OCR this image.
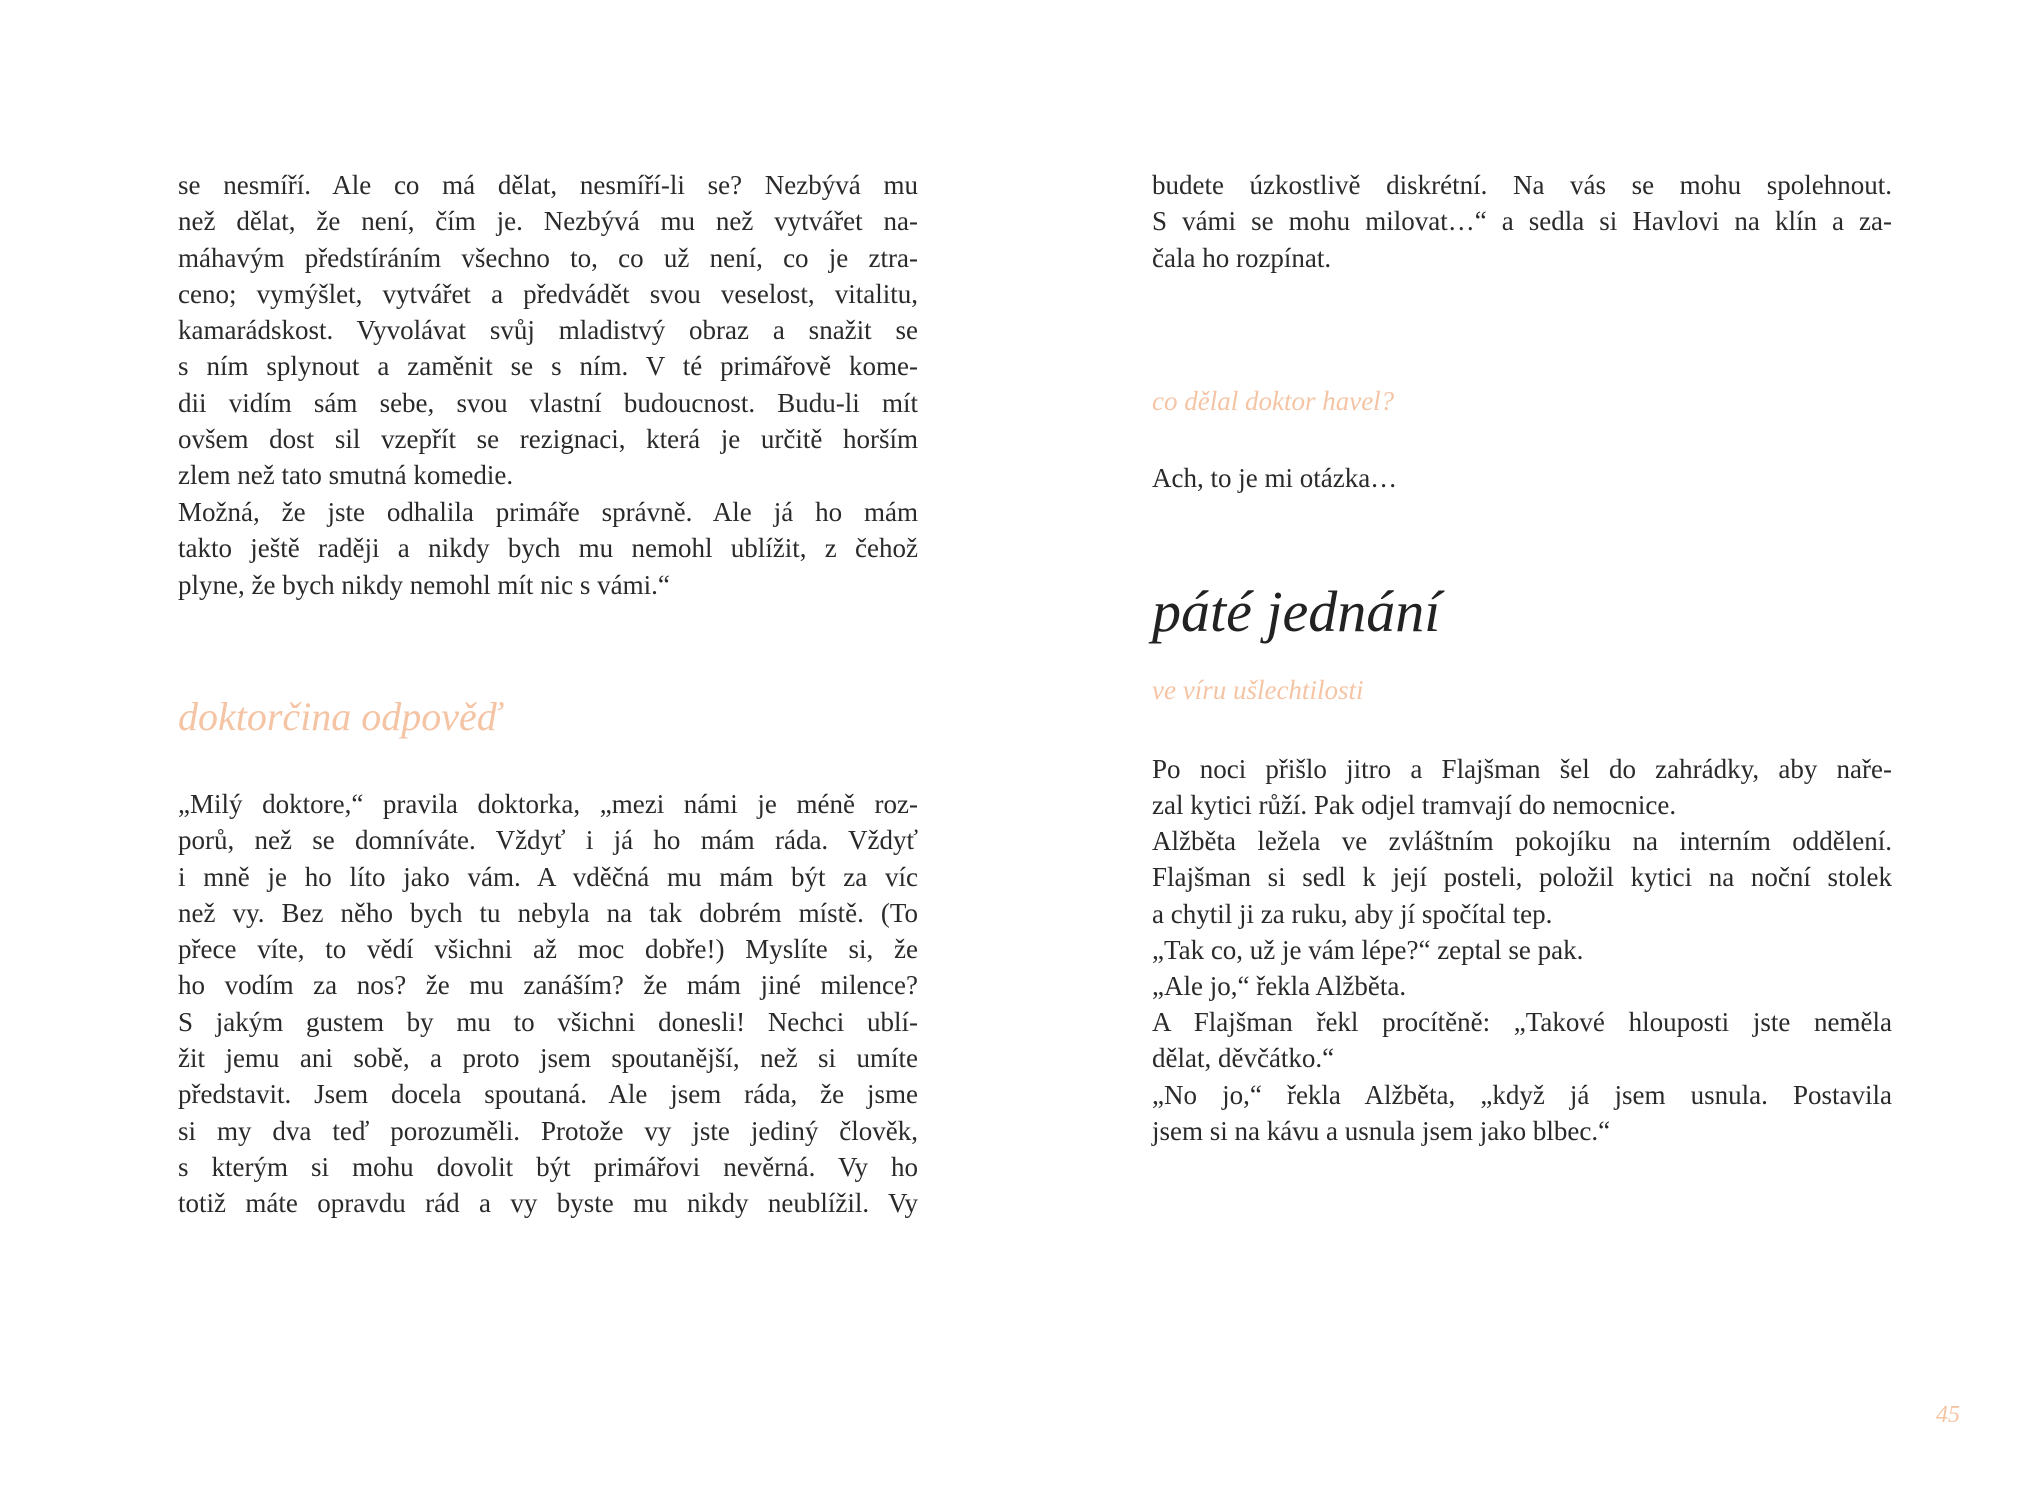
se nesmíří. Ale co má dělat, nesmíří-li se? Nezbývá mu
než dělat, že není, čím je. Nezbývá mu než vytvářet na-
máhavým předstíráním všechno to, co už není, co je ztra-
ceno; vymýšlet, vytvářet a předvádět svou veselost, vitalitu,
kamarádskost. Vyvolávat svůj mladistvý obraz a snažit se
s ním splynout a zaměnit se s ním. V té primářově kome-
dii vidím sám sebe, svou vlastní budoucnost. Budu-li mít
ovšem dost sil vzepřít se rezignaci, která je určitě horším
zlem než tato smutná komedie.
Možná, že jste odhalila primáře správně. Ale já ho mám
takto ještě raději a nikdy bych mu nemohl ublížit, z čehož
plyne, že bych nikdy nemohl mít nic s vámi.“
doktorčina odpověď
„Milý doktore,“ pravila doktorka, „mezi námi je méně roz-
porů, než se domníváte. Vždyť i já ho mám ráda. Vždyť
i mně je ho líto jako vám. A vděčná mu mám být za víc
než vy. Bez něho bych tu nebyla na tak dobrém místě. (To
přece víte, to vědí všichni až moc dobře!) Myslíte si, že
ho vodím za nos? že mu zanáším? že mám jiné milence?
S jakým gustem by mu to všichni donesli! Nechci ublí-
žit jemu ani sobě, a proto jsem spoutanější, než si umíte
představit. Jsem docela spoutaná. Ale jsem ráda, že jsme
si my dva teď porozuměli. Protože vy jste jediný člověk,
s kterým si mohu dovolit být primářovi nevěrná. Vy ho
totiž máte opravdu rád a vy byste mu nikdy neublížil. Vy
budete úzkostlivě diskrétní. Na vás se mohu spolehnout.
S vámi se mohu milovat…“ a sedla si Havlovi na klín a za-
čala ho rozpínat.
co dělal doktor havel?
Ach, to je mi otázka…
páté jednání
ve víru ušlechtilosti
Po noci přišlo jitro a Flajšman šel do zahrádky, aby naře-
zal kytici růží. Pak odjel tramvají do nemocnice.
Alžběta ležela ve zvláštním pokojíku na interním oddělení.
Flajšman si sedl k její posteli, položil kytici na noční stolek
a chytil ji za ruku, aby jí spočítal tep.
„Tak co, už je vám lépe?“ zeptal se pak.
„Ale jo,“ řekla Alžběta.
A Flajšman řekl procítěně: „Takové hlouposti jste neměla
dělat, děvčátko.“
„No jo,“ řekla Alžběta, „když já jsem usnula. Postavila
jsem si na kávu a usnula jsem jako blbec.“
45
